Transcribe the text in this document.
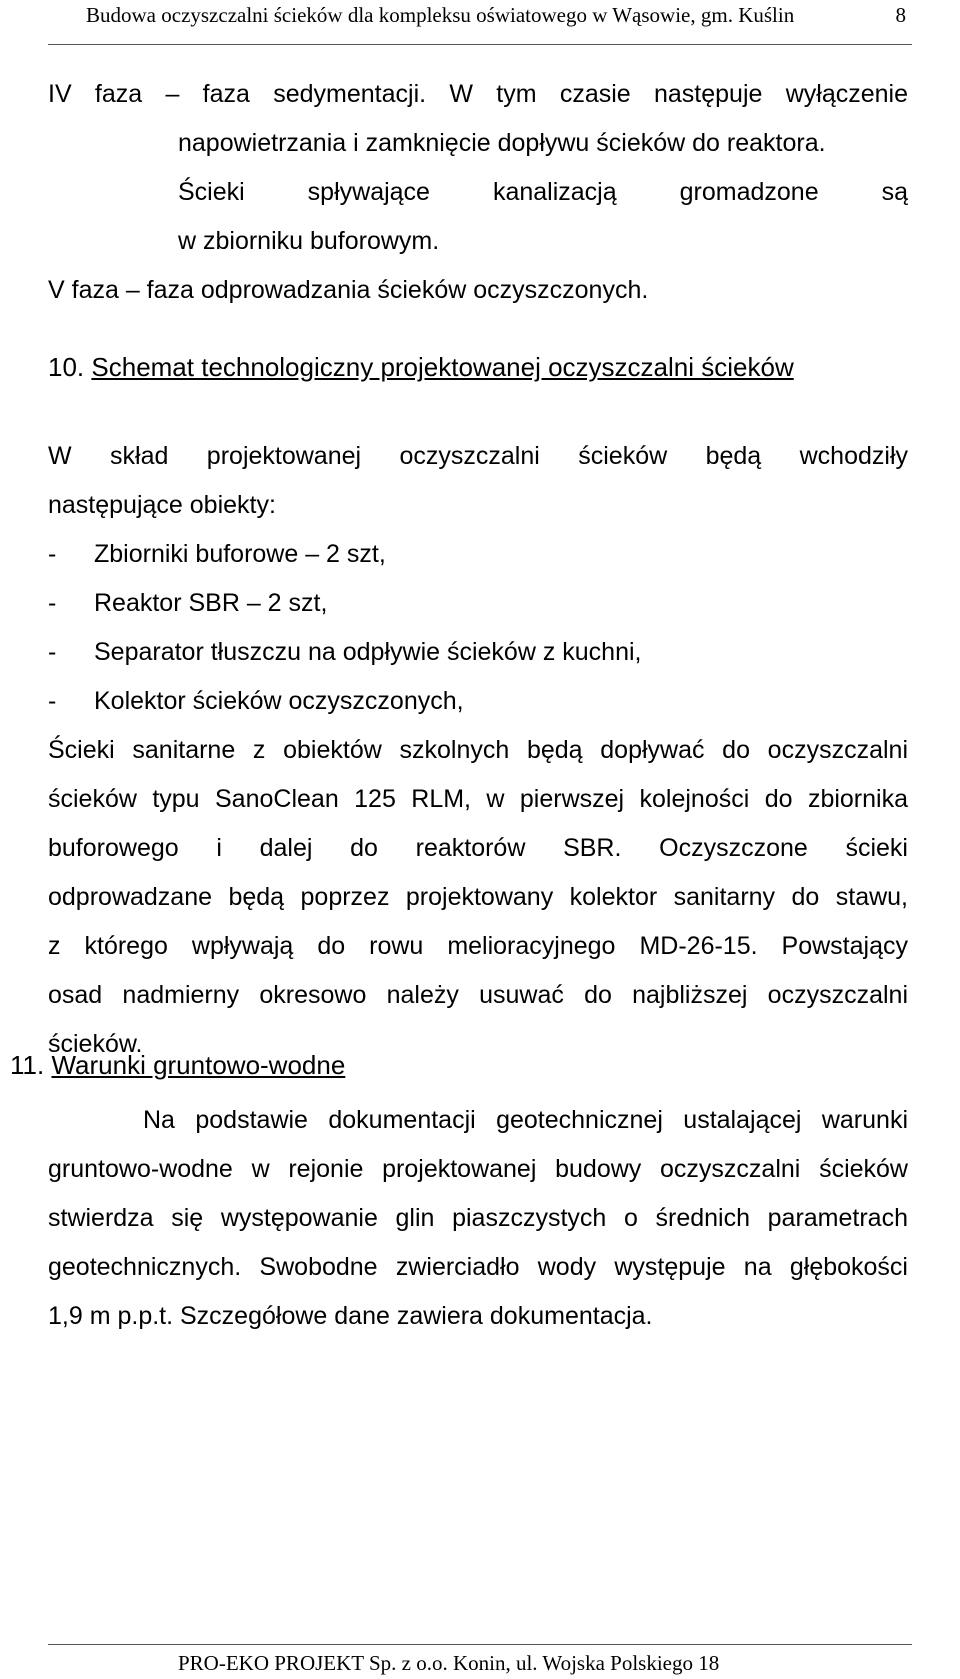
Budowa oczyszczalni ścieków dla kompleksu oświatowego w Wąsowie, gm. Kuślin	8
IV faza – faza sedymentacji. W tym czasie następuje wyłączenie
napowietrzania i zamknięcie dopływu ścieków do reaktora.
Ścieki spływające kanalizacją gromadzone są
w zbiorniku buforowym.
V faza – faza odprowadzania ścieków oczyszczonych.
10. Schemat technologiczny projektowanej oczyszczalni ścieków
W skład projektowanej oczyszczalni ścieków będą wchodziły
następujące obiekty:
- Zbiorniki buforowe – 2 szt,
- Reaktor SBR – 2 szt,
- Separator tłuszczu na odpływie ścieków z kuchni,
- Kolektor ścieków oczyszczonych,
Ścieki sanitarne z obiektów szkolnych będą dopływać do oczyszczalni
ścieków typu SanoClean 125 RLM, w pierwszej kolejności do zbiornika
buforowego i dalej do reaktorów SBR. Oczyszczone ścieki
odprowadzane będą poprzez projektowany kolektor sanitarny do stawu,
z którego wpływają do rowu melioracyjnego MD-26-15. Powstający
osad nadmierny okresowo należy usuwać do najbliższej oczyszczalni
ścieków.
11. Warunki gruntowo-wodne
Na podstawie dokumentacji geotechnicznej ustalającej warunki
gruntowo-wodne w rejonie projektowanej budowy oczyszczalni ścieków
stwierdza się występowanie glin piaszczystych o średnich parametrach
geotechnicznych. Swobodne zwierciadło wody występuje na głębokości
1,9 m p.p.t. Szczegółowe dane zawiera dokumentacja.
PRO-EKO PROJEKT Sp. z o.o. Konin, ul. Wojska Polskiego 18
